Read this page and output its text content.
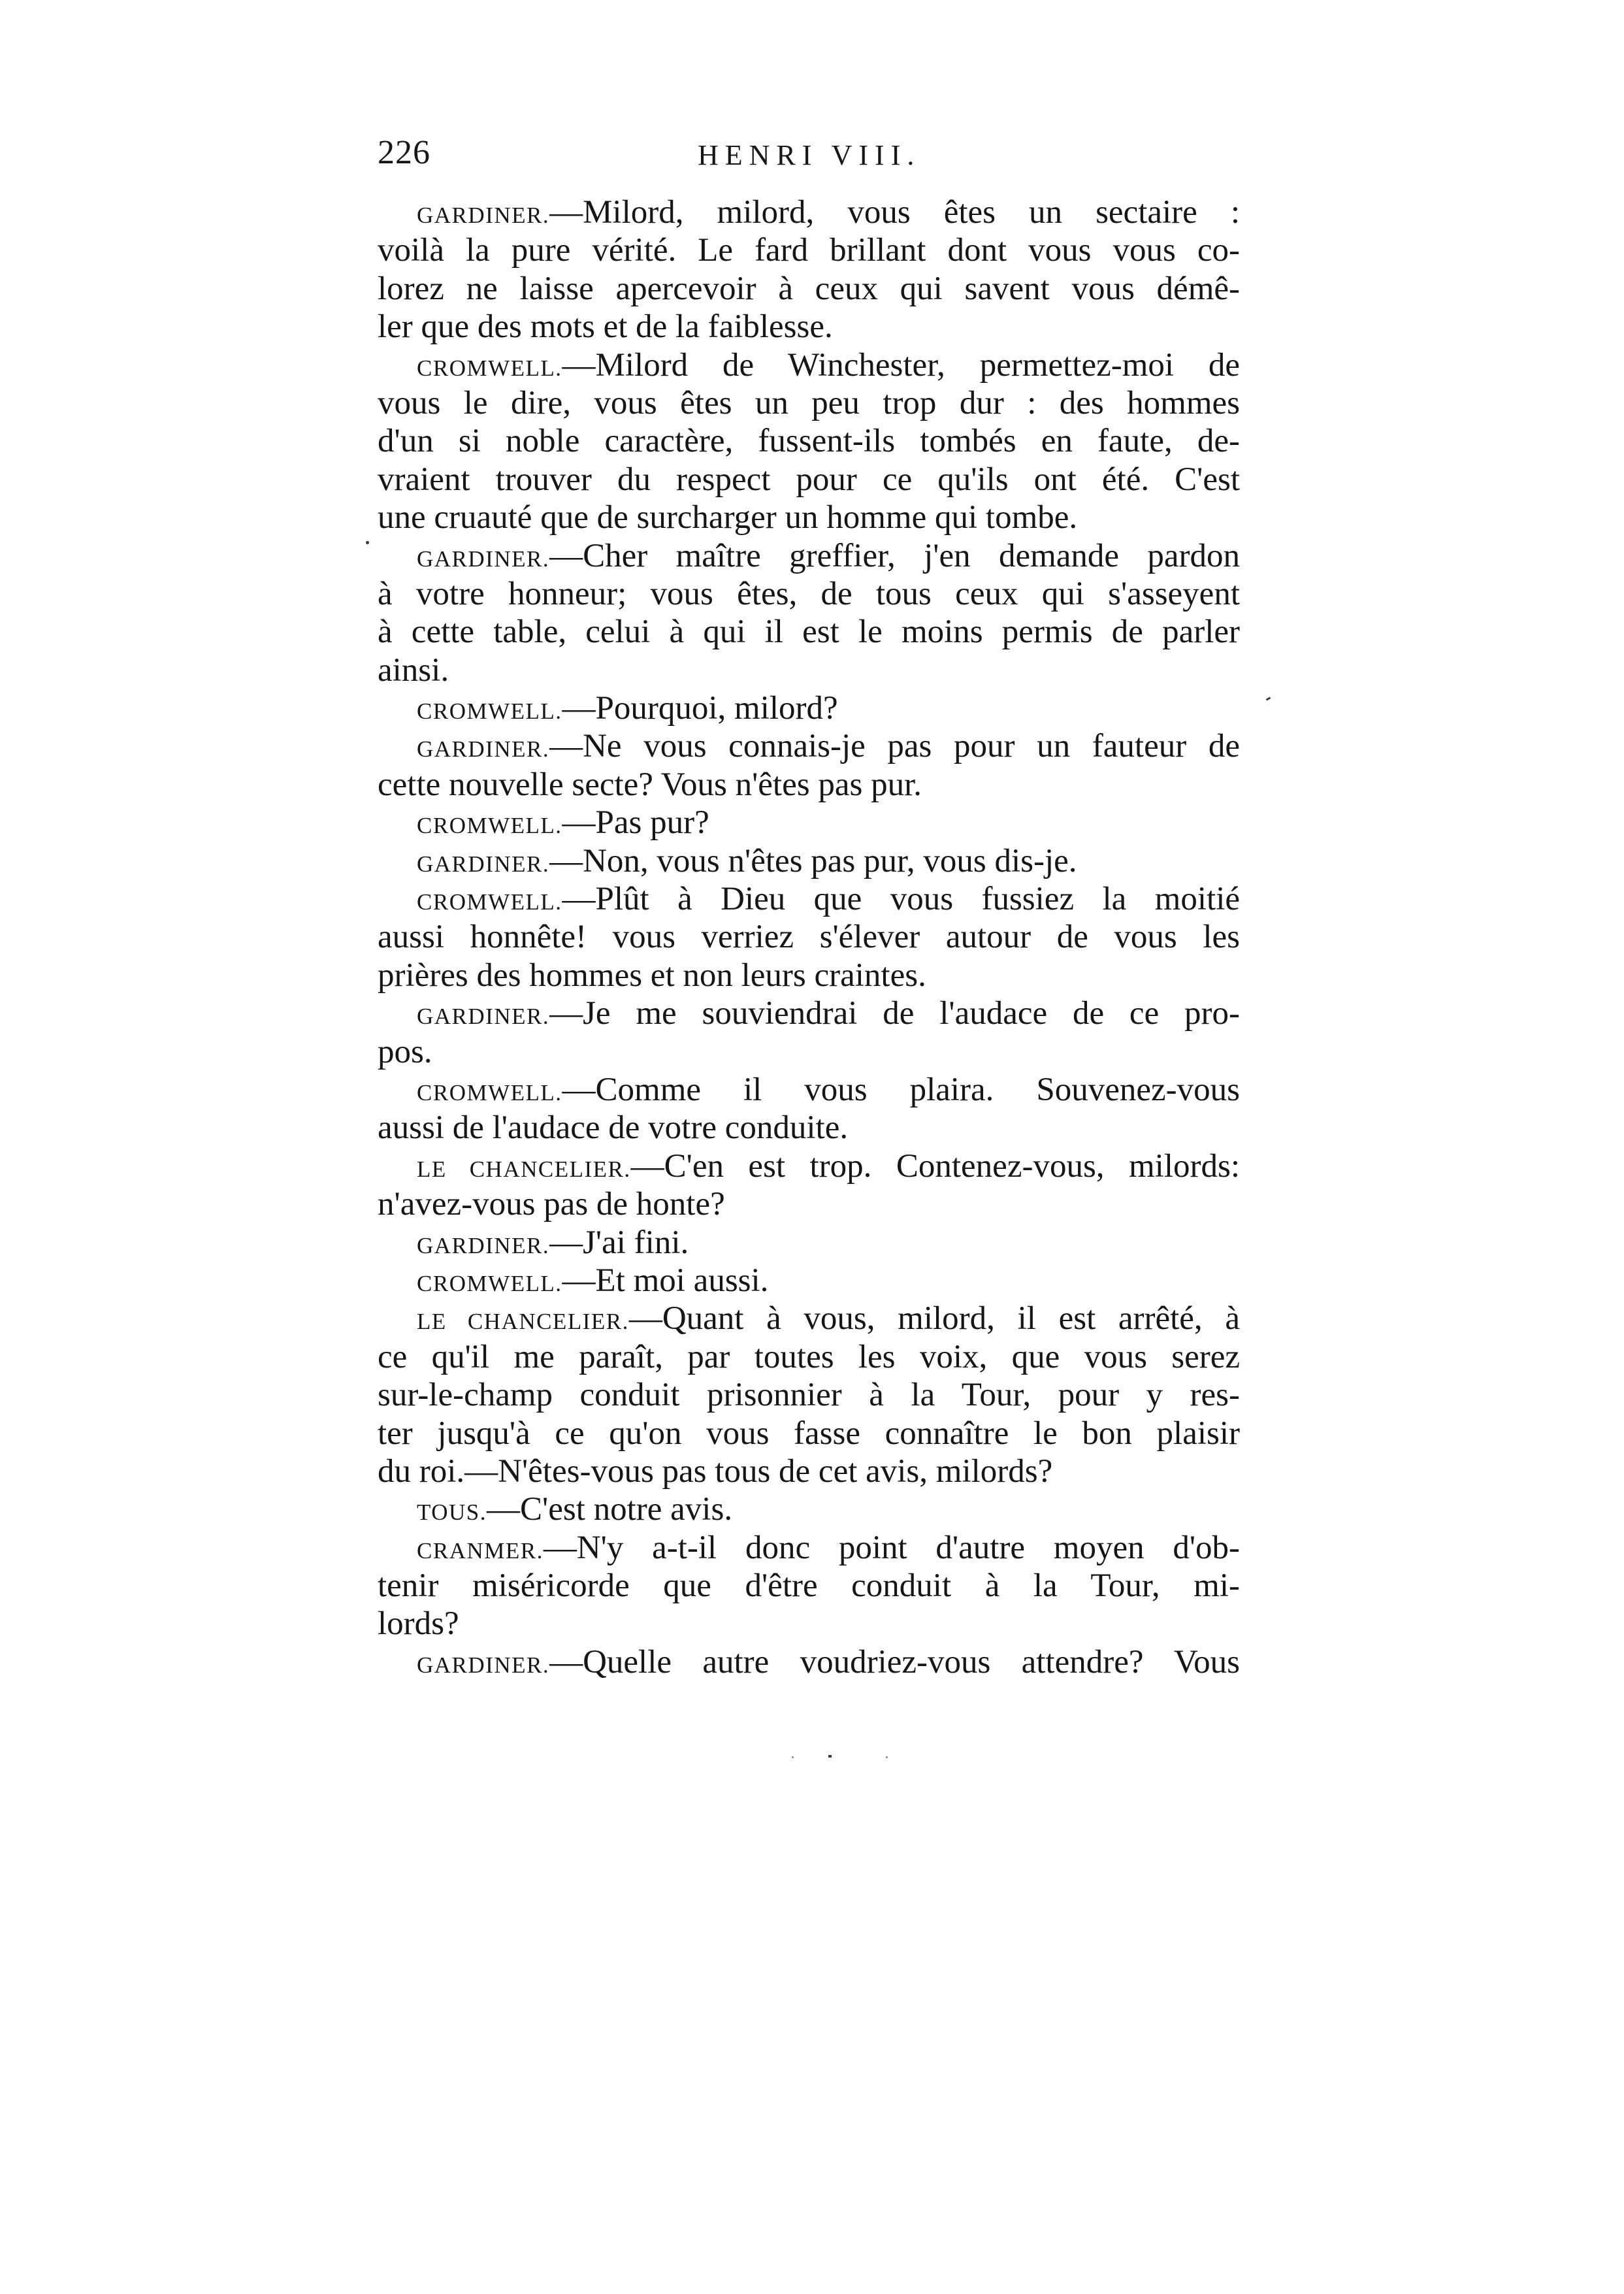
226	HENRI VIII.
GARDINER.—Milord, milord, vous êtes un sectaire :
voilà la pure vérité. Le fard brillant dont vous vous co-
lorez ne laisse apercevoir à ceux qui savent vous démê-
ler que des mots et de la faiblesse.
CROMWELL.—Milord de Winchester, permettez-moi de
vous le dire, vous êtes un peu trop dur : des hommes
d'un si noble caractère, fussent-ils tombés en faute, de-
vraient trouver du respect pour ce qu'ils ont été. C'est
une cruauté que de surcharger un homme qui tombe.
GARDINER.—Cher maître greffier, j'en demande pardon
à votre honneur; vous êtes, de tous ceux qui s'asseyent
à cette table, celui à qui il est le moins permis de parler
ainsi.
CROMWELL.—Pourquoi, milord?
GARDINER.—Ne vous connais-je pas pour un fauteur de
cette nouvelle secte? Vous n'êtes pas pur.
CROMWELL.—Pas pur?
GARDINER.—Non, vous n'êtes pas pur, vous dis-je.
CROMWELL.—Plût à Dieu que vous fussiez la moitié
aussi honnête! vous verriez s'élever autour de vous les
prières des hommes et non leurs craintes.
GARDINER.—Je me souviendrai de l'audace de ce pro-
pos.
CROMWELL.—Comme il vous plaira. Souvenez-vous
aussi de l'audace de votre conduite.
LE CHANCELIER.—C'en est trop. Contenez-vous, milords:
n'avez-vous pas de honte?
GARDINER.—J'ai fini.
CROMWELL.—Et moi aussi.
LE CHANCELIER.—Quant à vous, milord, il est arrêté, à
ce qu'il me paraît, par toutes les voix, que vous serez
sur-le-champ conduit prisonnier à la Tour, pour y res-
ter jusqu'à ce qu'on vous fasse connaître le bon plaisir
du roi.—N'êtes-vous pas tous de cet avis, milords?
TOUS.—C'est notre avis.
CRANMER.—N'y a-t-il donc point d'autre moyen d'ob-
tenir miséricorde que d'être conduit à la Tour, mi-
lords?
GARDINER.—Quelle autre voudriez-vous attendre? Vous
